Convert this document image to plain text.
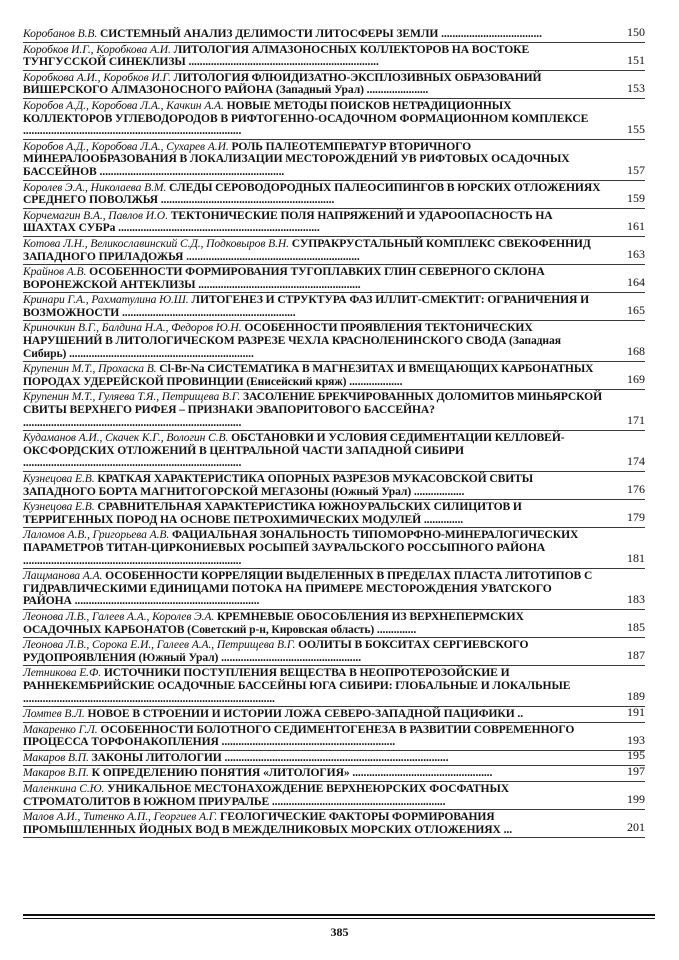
Коробанов В.В. СИСТЕМНЫЙ АНАЛИЗ ДЕЛИМОСТИ ЛИТОСФЕРЫ ЗЕМЛИ ....................................	150
Коробков И.Г., Коробкова А.И. ЛИТОЛОГИЯ АЛМАЗОНОСНЫХ КОЛЛЕКТОРОВ НА ВОСТОКЕ ТУНГУССКОЙ СИНЕКЛИЗЫ ....................................................................	151
Коробкова А.И., Коробков И.Г. ЛИТОЛОГИЯ ФЛЮИДИЗАТНО-ЭКСПЛОЗИВНЫХ ОБРАЗОВАНИЙ ВИШЕРСКОГО АЛМАЗОНОСНОГО РАЙОНА (Западный Урал) ......................	153
Коробов А.Д., Коробова Л.А., Качкин А.А. НОВЫЕ МЕТОДЫ ПОИСКОВ НЕТРАДИЦИОННЫХ КОЛЛЕКТОРОВ УГЛЕВОДОРОДОВ В РИФТОГЕННО-ОСАДОЧНОМ ФОРМАЦИОННОМ КОМПЛЕКСЕ ..............................................................................	155
Коробов А.Д., Коробова Л.А., Сухарев А.И. РОЛЬ ПАЛЕОТЕМПЕРАТУР ВТОРИЧНОГО МИНЕРАЛООБРАЗОВАНИЯ В ЛОКАЛИЗАЦИИ МЕСТОРОЖДЕНИЙ УВ РИФТОВЫХ ОСАДОЧНЫХ БАССЕЙНОВ ..................................................................	157
Королев Э.А., Николаева В.М. СЛЕДЫ СЕРОВОДОРОДНЫХ ПАЛЕОСИПИНГОВ В ЮРСКИХ ОТЛОЖЕНИЯХ СРЕДНЕГО ПОВОЛЖЬЯ ..............................................................	159
Корчемагин В.А., Павлов И.О. ТЕКТОНИЧЕСКИЕ ПОЛЯ НАПРЯЖЕНИЙ И УДАРООПАСНОСТЬ НА ШАХТАХ СУБРа ........................................................................	161
Котова Л.Н., Великославинский С.Д., Подковыров В.Н. СУПРАКРУСТАЛЬНЫЙ КОМПЛЕКС СВЕКОФЕННИД ЗАПАДНОГО ПРИЛАДОЖЬЯ ..............................................................	163
Крайнов А.В. ОСОБЕННОСТИ ФОРМИРОВАНИЯ ТУГОПЛАВКИХ ГЛИН СЕВЕРНОГО СКЛОНА ВОРОНЕЖСКОЙ АНТЕКЛИЗЫ ..........................................................	164
Кринари Г.А., Рахматулина Ю.Ш. ЛИТОГЕНЕЗ И СТРУКТУРА ФАЗ ИЛЛИТ-СМЕКТИТ: ОГРАНИЧЕНИЯ И ВОЗМОЖНОСТИ ..............................................................	165
Криночкин В.Г., Балдина Н.А., Федоров Ю.Н. ОСОБЕННОСТИ ПРОЯВЛЕНИЯ ТЕКТОНИЧЕСКИХ НАРУШЕНИЙ В ЛИТОЛОГИЧЕСКОМ РАЗРЕЗЕ ЧЕХЛА КРАСНОЛЕНИНСКОГО СВОДА (Западная Сибирь) ..................................................................	168
Крупенин М.Т., Прохаска В. Cl-Br-Na СИСТЕМАТИКА В МАГНЕЗИТАХ И ВМЕЩАЮЩИХ КАРБОНАТНЫХ ПОРОДАХ УДЕРЕЙСКОЙ ПРОВИНЦИИ (Енисейский кряж) ...................	169
Крупенин М.Т., Гуляева Т.Я., Петрищева В.Г. ЗАСОЛЕНИЕ БРЕКЧИРОВАННЫХ ДОЛОМИТОВ МИНЬЯРСКОЙ СВИТЫ ВЕРХНЕГО РИФЕЯ – ПРИЗНАКИ ЭВАПОРИТОВОГО БАССЕЙНА? ..............................................................................	171
Кудаманов А.И., Скачек К.Г., Вологин С.В. ОБСТАНОВКИ И УСЛОВИЯ СЕДИМЕНТАЦИИ КЕЛЛОВЕЙ-ОКСФОРДСКИХ ОТЛОЖЕНИЙ В ЦЕНТРАЛЬНОЙ ЧАСТИ ЗАПАДНОЙ СИБИРИ ..............................................................................	174
Кузнецова Е.В. КРАТКАЯ ХАРАКТЕРИСТИКА ОПОРНЫХ РАЗРЕЗОВ МУКАСОВСКОЙ СВИТЫ ЗАПАДНОГО БОРТА МАГНИТОГОРСКОЙ МЕГАЗОНЫ (Южный Урал) ..................	176
Кузнецова Е.В. СРАВНИТЕЛЬНАЯ ХАРАКТЕРИСТИКА ЮЖНОУРАЛЬСКИХ СИЛИЦИТОВ И ТЕРРИГЕННЫХ ПОРОД НА ОСНОВЕ ПЕТРОХИМИЧЕСКИХ МОДУЛЕЙ ..............	179
Лаломов А.В., Григорьева А.В. ФАЦИАЛЬНАЯ ЗОНАЛЬНОСТЬ ТИПОМОРФНО-МИНЕРАЛОГИЧЕСКИХ ПАРАМЕТРОВ ТИТАН-ЦИРКОНИЕВЫХ РОСЫПЕЙ ЗАУРАЛЬСКОГО РОССЫПНОГО РАЙОНА ..............................................................................	181
Лащманова А.А. ОСОБЕННОСТИ КОРРЕЛЯЦИИ ВЫДЕЛЕННЫХ В ПРЕДЕЛАХ ПЛАСТА ЛИТОТИПОВ С ГИДРАВЛИЧЕСКИМИ ЕДИНИЦАМИ ПОТОКА НА ПРИМЕРЕ МЕСТОРОЖДЕНИЯ УВАТСКОГО РАЙОНА ..................................................................	183
Леонова Л.В., Галеев А.А., Королев Э.А. КРЕМНЕВЫЕ ОБОСОБЛЕНИЯ ИЗ ВЕРХНЕПЕРМСКИХ ОСАДОЧНЫХ КАРБОНАТОВ (Советский р-н, Кировская область) ..............	185
Леонова Л.В., Сорока Е.И., Галеев А.А., Петрищева В.Г. ООЛИТЫ В БОКСИТАХ СЕРГИЕВСКОГО РУДОПРОЯВЛЕНИЯ (Южный Урал) ..................................................	187
Летникова Е.Ф. ИСТОЧНИКИ ПОСТУПЛЕНИЯ ВЕЩЕСТВА В НЕОПРОТЕРОЗОЙСКИЕ И РАННЕКЕМБРИЙСКИЕ ОСАДОЧНЫЕ БАССЕЙНЫ ЮГА СИБИРИ: ГЛОБАЛЬНЫЕ И ЛОКАЛЬНЫЕ ..........................................................................................	189
Ломтев В.Л. НОВОЕ В СТРОЕНИИ И ИСТОРИИ ЛОЖА СЕВЕРО-ЗАПАДНОЙ ПАЦИФИКИ ..	191
Макаренко Г.Л. ОСОБЕННОСТИ БОЛОТНОГО СЕДИМЕНТОГЕНЕЗА В РАЗВИТИИ СОВРЕМЕННОГО ПРОЦЕССА ТОРФОНАКОПЛЕНИЯ ..............................................................	193
Макаров В.П. ЗАКОНЫ ЛИТОЛОГИИ ................................................................................	195
Макаров В.П. К ОПРЕДЕЛЕНИЮ ПОНЯТИЯ «ЛИТОЛОГИЯ» ..................................................	197
Маленкина С.Ю. УНИКАЛЬНОЕ МЕСТОНАХОЖДЕНИЕ ВЕРХНЕЮРСКИХ ФОСФАТНЫХ СТРОМАТОЛИТОВ В ЮЖНОМ ПРИУРАЛЬЕ ..............................................................	199
Малов А.И., Титенко А.П., Георгиев А.Г. ГЕОЛОГИЧЕСКИЕ ФАКТОРЫ ФОРМИРОВАНИЯ ПРОМЫШЛЕННЫХ ЙОДНЫХ ВОД В МЕЖДЕЛНИКОВЫХ МОРСКИХ ОТЛОЖЕНИЯХ ...	201
385
